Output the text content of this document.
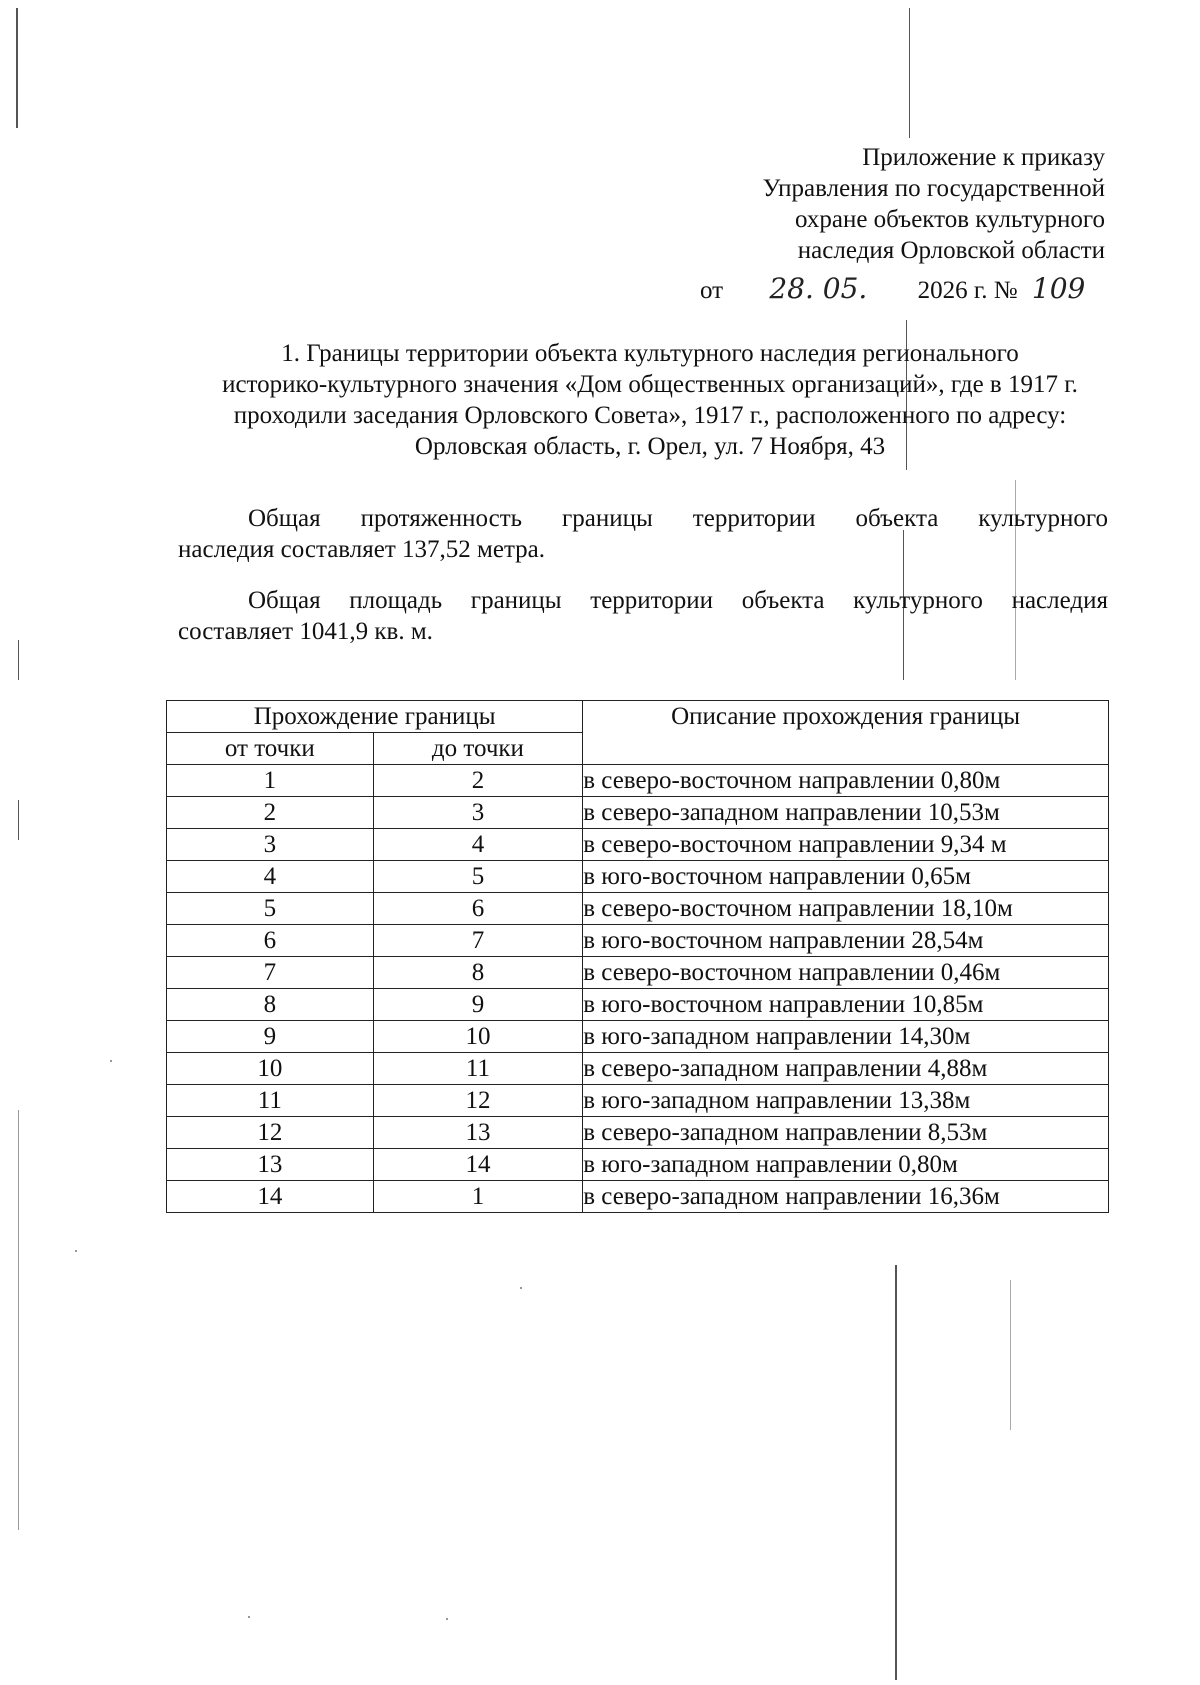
Приложение к приказу
Управления по государственной
охране объектов культурного
наследия Орловской области
от 28. 05. 2026 г. № 109
1. Границы территории объекта культурного наследия регионального
историко-культурного значения «Дом общественных организаций», где в 1917 г.
проходили заседания Орловского Совета», 1917 г., расположенного по адресу:
Орловская область, г. Орел, ул. 7 Ноября, 43
Общая протяженность границы территории объекта культурного
наследия составляет 137,52 метра.
Общая площадь границы территории объекта культурного наследия
составляет 1041,9 кв. м.
Прохождение границы		Описание прохождения границы
от точки	до точки	
1	2	в северо-восточном направлении 0,80м
2	3	в северо-западном направлении 10,53м
3	4	в северо-восточном направлении 9,34 м
4	5	в юго-восточном направлении 0,65м
5	6	в северо-восточном направлении 18,10м
6	7	в юго-восточном направлении 28,54м
7	8	в северо-восточном направлении 0,46м
8	9	в юго-восточном направлении 10,85м
9	10	в юго-западном направлении 14,30м
10	11	в северо-западном направлении 4,88м
11	12	в юго-западном направлении 13,38м
12	13	в северо-западном направлении 8,53м
13	14	в юго-западном направлении 0,80м
14	1	в северо-западном направлении 16,36м
